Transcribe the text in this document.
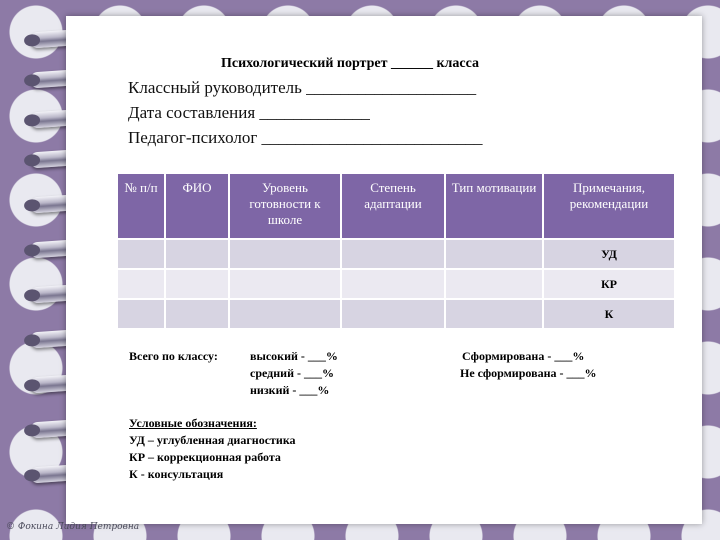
Психологический портрет ______ класса
Классный руководитель ____________________
Дата составления _____________
Педагог-психолог __________________________
№ п/п	ФИО	Уровень готовности к школе	Степень адаптации	Тип мотивации	Примечания, рекомендации
					УД
					КР
					К
Всего по классу:	высокий - ___%
средний - ___%
низкий - ___%
Сформирована - ___%
Не сформирована - ___%
Условные обозначения:
УД – углубленная диагностика
КР – коррекционная работа
К - консультация
© Фокина Лидия Петровна
